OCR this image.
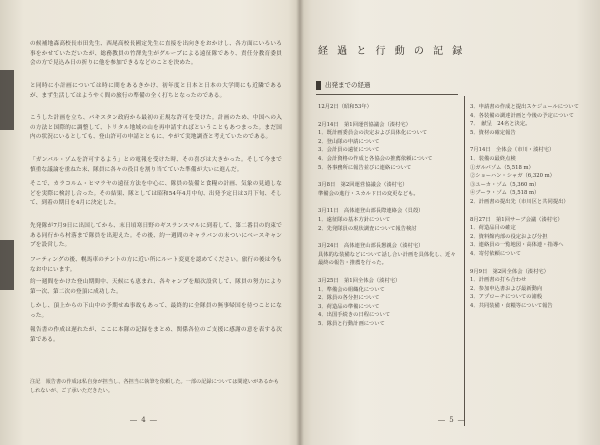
の候補地森高校長市田先生、西尾高校長國定先生に直接を出向きをおかけし、各方面にいろいろ事をかせていただいたが、総務教員の竹澤先生がグループによる遠征隊であり、責任分教育委員会の方で見込み日の折りに他を参加できるなどのことを決めた。

と同時に小計画については時に間をあるきかけ、初年度と日本と日本の大学間にも近隣であるが、まず生活してはようやく間の旅行の準備の全く打ちとなったのである。

こうした計画を立ち、パキスタン政府から最初の正規な許可を受けた。計画のため、中国への入の方法と国際的に調整して、トリタル地域の山を再申請すればということもあつまった。まだ国内の状況にいるとしても、登山許可の申請とともに、やがて実地調査と考えていたのである。

「ガンバル・ゾムを許可するよう」との電報を受けた時、その喜びは大きかった。そして今まで慎重な議論を重ねた末、隊員に各々の役目を割り当てていた準備が大いに進んだ。

そこで、カラコルム・ヒマラヤの遠征方法を中心に、隊員の装備と食糧の計画、気象の見通しなどを実際に検討し合った。その結果、隊としては昭和54年4月中旬、出発予定日は3月下旬、そして、到着の期日を4月に決定した。

先発隊が7月9日に出国してから、末日頃寒日野のギスランスマルに到着して、第二番目の約束である同行から村落まで隊員を出迎えた。その後、約一週間のキャラバンの末ついにべースキャンプを設営した。

フーティングの後、幌馬車のテントの方に近い所にルート変更を認めてください。旅行の後は今もなお中にいます。

約一週間をかけた登山期間中、天候にも恵まれ、各キャンプを順次設営して、隊員の努力により第一次、第二次の登頂に成功した。

しかし、頂上からの下山中の予期せぬ事故もあって、最終的に全隊員の無事帰国を待つことになった。

報告書の作成は遅れたが、ここに本隊の記録をまとめ、関係各位のご支援に感謝の意を表する次第である。

注記　報告書の作成は私自身が担当し、各担当に執筆を依頼した。一部の記録については間違いがあるかもしれないが、ご了承いただきたい。

― 4 ―
経 過 と 行 動 の 記 録
出発までの経過

12月2日（昭和53年）

2月14日　第1回運営協議会（湊村宅）

1．既計画委員会の決定および具体化について

2．登山隊の申請について

3．会計員の遠征について

4．会計資格の作成と各協会の推薦依頼について

5．各事務所に報告並びに連絡について

3月8日　第2回運営協議会（湊村宅）

準備会の進行・スカルド日の変更なども。

3月11日　高体連登山部長際連絡会（貝殻）

1．遠征隊の基本方針について

2．先発隊員の現状調査について報告検討

3月24日　高体連登山部長懇親会（湊村宅）

具体的な装備などについて話し合い計画を具体化し、近々最終の報告・推薦を行った。

3月25日　第1回全体会（湊村宅）

1．準備会の組織化について

2．隊員の各分担について

3．荷造品の準備について

4．出国手続きの日程について

5．隊員と行動計画について

3．申請書の作成と提出スケジュールについて

4．各装備の調達計画と今後の予定について

7．　献呈　24名と決定。

5．資材の確定報告

7月14日　全体会（市川・湊村宅）

1．装備の最終点検

①ガルバゾム（5,518 m）

②ショーハン・シャガ（6,320 m）

③ユーカ・ゾム（5,360 m）

④ブーラ・ゾム（5,518 m）

2．計画書の提出先（市川区と共同提出）

8月27日　第1回サーブ会議（湊村宅）

1．荷造品目の確定

2．資料館内部の役定および分担

3．連絡員の一覧地図・高体連・指導へ

4．寄付依頼について

9月9日　第2回全体会（湊村宅）

1．計画書の打ち合わせ

2．参加申込書および最新動向

3．アプローチについての諸般

4．共同装備・食糧等について報告

― 5 ―
